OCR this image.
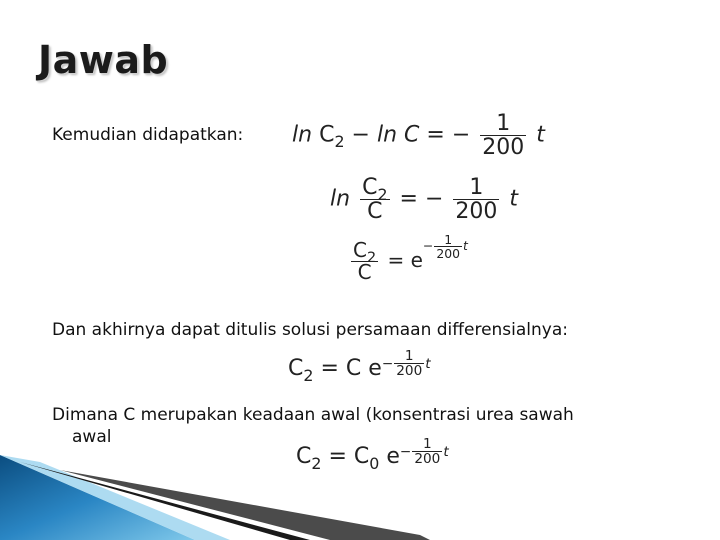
Jawab
Kemudian didapatkan: $\ln C_2 - \ln C$ = − $\frac{1}{200}$ t
$\ln \frac{C_2}{C}$ = − $\frac{1}{200}$ t
$\frac{C_2}{C} = e- \frac{1}{200}$ t
Dan akhirnya dapat ditulis solusi persamaan differensialnya:
$C_2 = C$ $e- \frac{1}{200}$ t
Dimana C merupakan keadaan awal (konsentrasi urea sawah
awal
$C_2 = C_0$ $e- \frac{1}{200}$ t
